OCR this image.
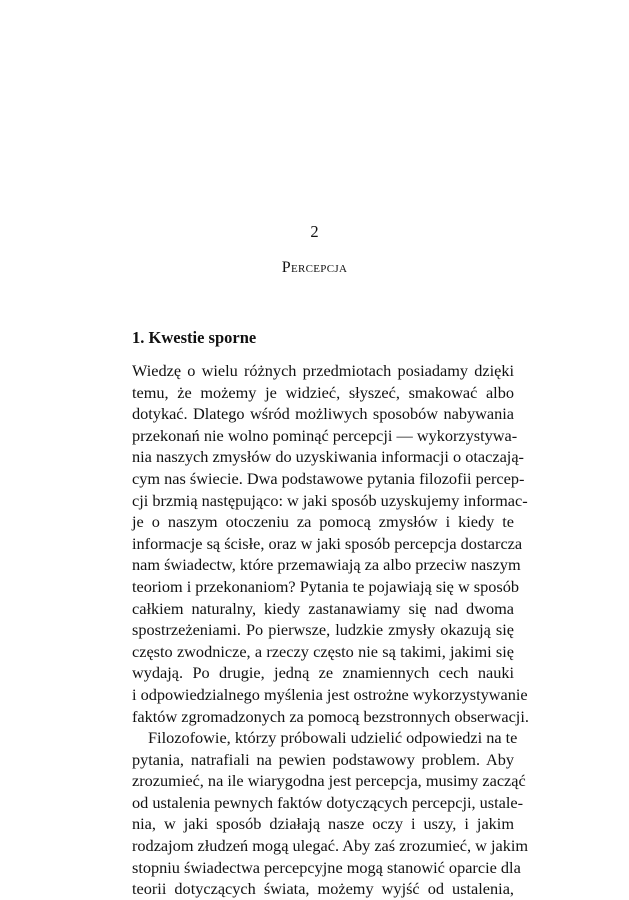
2
Percepcja
1. Kwestie sporne
Wiedzę o wielu różnych przedmiotach posiadamy dzięki
temu, że możemy je widzieć, słyszeć, smakować albo
dotykać. Dlatego wśród możliwych sposobów nabywania
przekonań nie wolno pominąć percepcji — wykorzystywa-
nia naszych zmysłów do uzyskiwania informacji o otaczają-
cym nas świecie. Dwa podstawowe pytania filozofii percep-
cji brzmią następująco: w jaki sposób uzyskujemy informac-
je o naszym otoczeniu za pomocą zmysłów i kiedy te
informacje są ścisłe, oraz w jaki sposób percepcja dostarcza
nam świadectw, które przemawiają za albo przeciw naszym
teoriom i przekonaniom? Pytania te pojawiają się w sposób
całkiem naturalny, kiedy zastanawiamy się nad dwoma
spostrzeżeniami. Po pierwsze, ludzkie zmysły okazują się
często zwodnicze, a rzeczy często nie są takimi, jakimi się
wydają. Po drugie, jedną ze znamiennych cech nauki
i odpowiedzialnego myślenia jest ostrożne wykorzystywanie
faktów zgromadzonych za pomocą bezstronnych obserwacji.
Filozofowie, którzy próbowali udzielić odpowiedzi na te
pytania, natrafiali na pewien podstawowy problem. Aby
zrozumieć, na ile wiarygodna jest percepcja, musimy zacząć
od ustalenia pewnych faktów dotyczących percepcji, ustale-
nia, w jaki sposób działają nasze oczy i uszy, i jakim
rodzajom złudzeń mogą ulegać. Aby zaś zrozumieć, w jakim
stopniu świadectwa percepcyjne mogą stanowić oparcie dla
teorii dotyczących świata, możemy wyjść od ustalenia,
